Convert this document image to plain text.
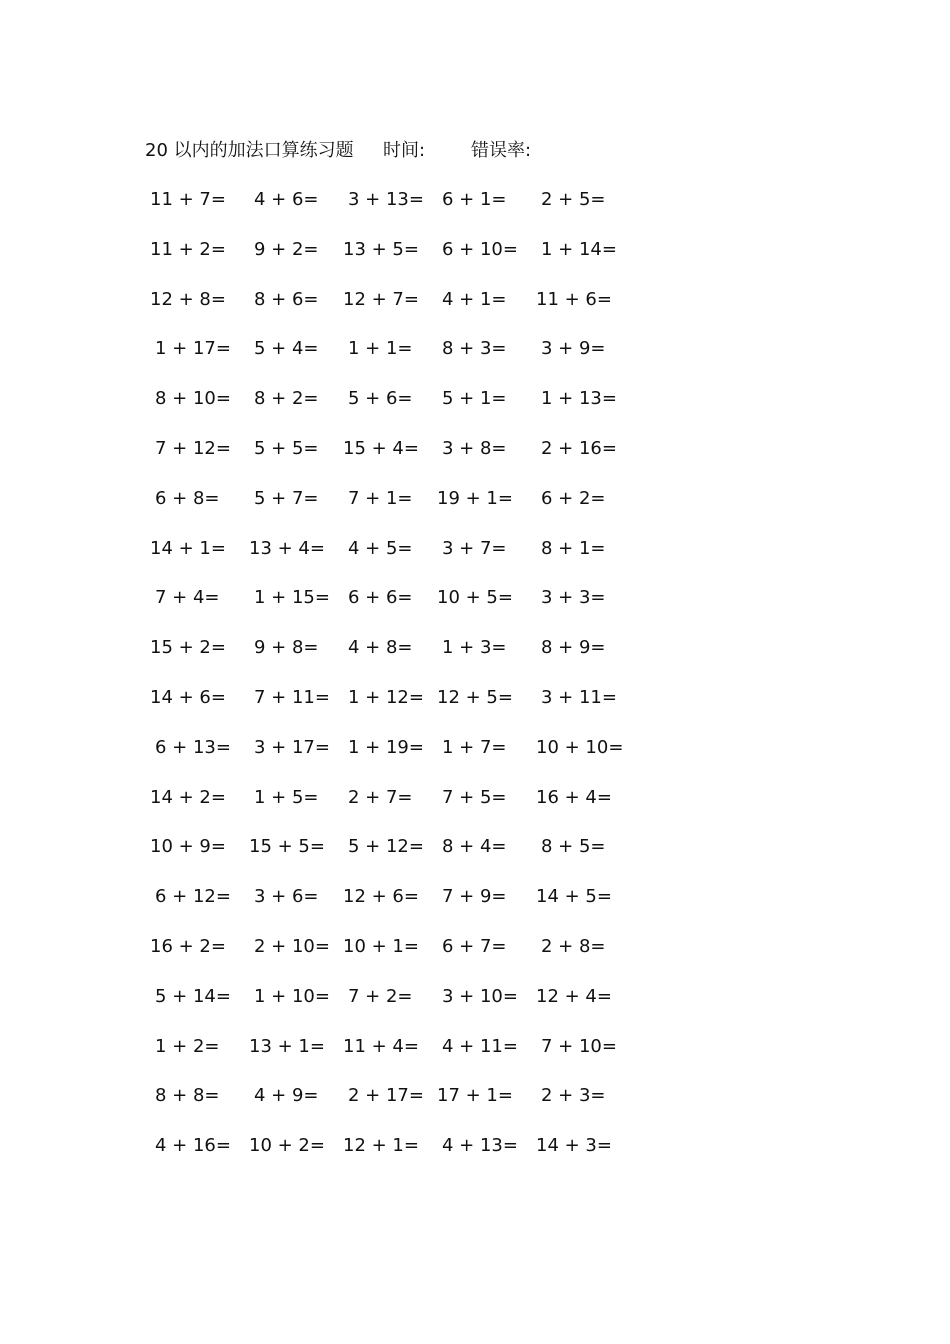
20 以内的加法口算练习题 时间:	错误率:
11 + 7= 4 + 6= 3 + 13= 6 + 1= 2 + 5=
11 + 2= 9 + 2= 13 + 5= 6 + 10= 1 + 14=
12 + 8= 8 + 6= 12 + 7= 4 + 1= 11 + 6=
1 + 17= 5 + 4= 1 + 1= 8 + 3= 3 + 9=
8 + 10= 8 + 2= 5 + 6= 5 + 1= 1 + 13=
7 + 12= 5 + 5= 15 + 4= 3 + 8= 2 + 16=
6 + 8= 5 + 7= 7 + 1= 19 + 1= 6 + 2=
14 + 1= 13 + 4= 4 + 5= 3 + 7= 8 + 1=
7 + 4= 1 + 15= 6 + 6= 10 + 5= 3 + 3=
15 + 2= 9 + 8= 4 + 8= 1 + 3= 8 + 9=
14 + 6= 7 + 11= 1 + 12= 12 + 5= 3 + 11=
6 + 13= 3 + 17= 1 + 19= 1 + 7= 10 + 10=
14 + 2= 1 + 5= 2 + 7= 7 + 5= 16 + 4=
10 + 9= 15 + 5= 5 + 12= 8 + 4= 8 + 5=
6 + 12= 3 + 6= 12 + 6= 7 + 9= 14 + 5=
16 + 2= 2 + 10= 10 + 1= 6 + 7= 2 + 8=
5 + 14= 1 + 10= 7 + 2= 3 + 10= 12 + 4=
1 + 2= 13 + 1= 11 + 4= 4 + 11= 7 + 10=
8 + 8= 4 + 9= 2 + 17= 17 + 1= 2 + 3=
4 + 16= 10 + 2= 12 + 1= 4 + 13= 14 + 3=
